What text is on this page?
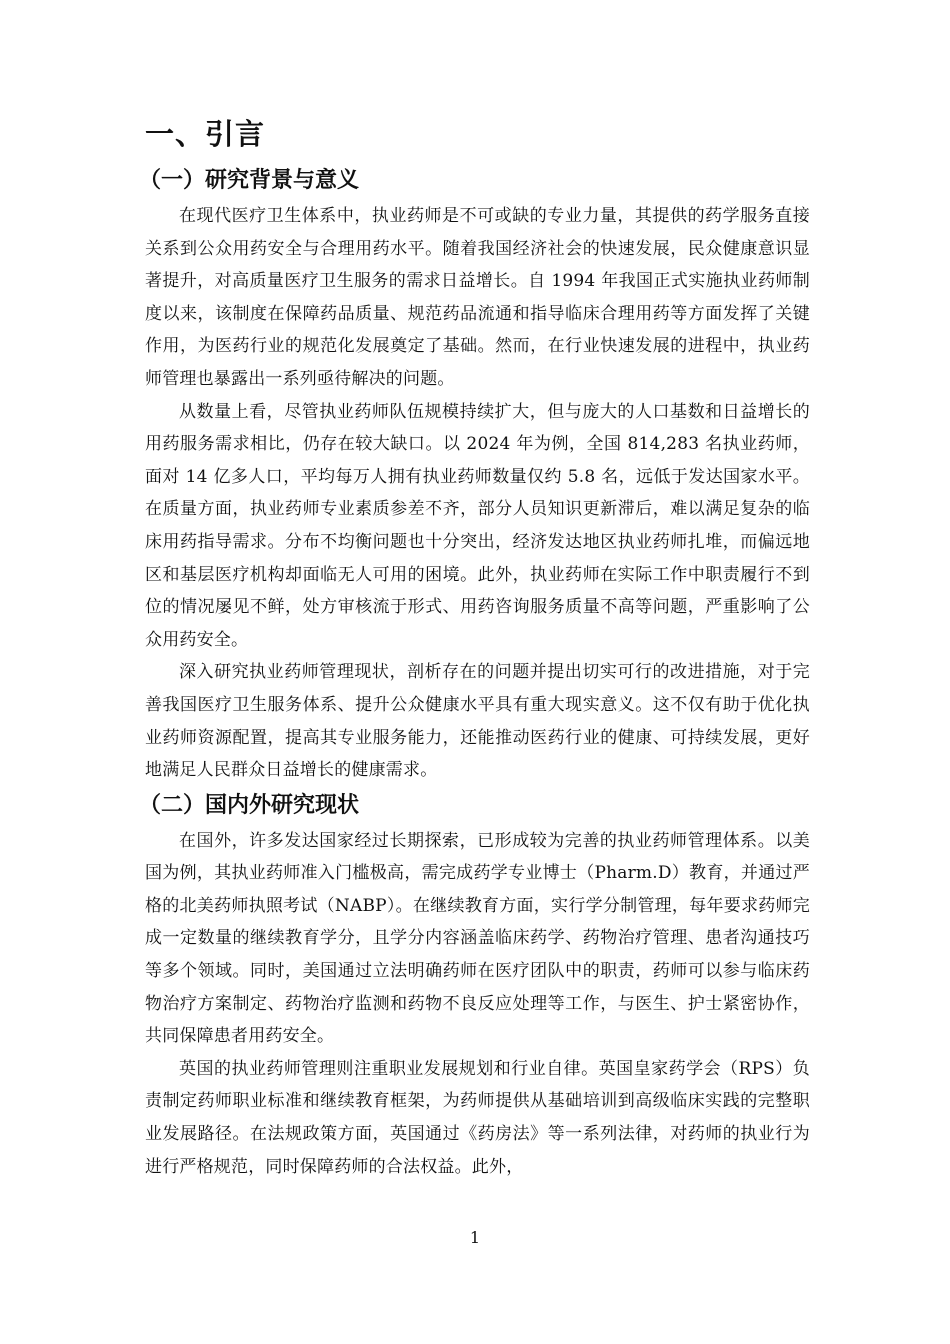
一、引言
（一）研究背景与意义

在现代医疗卫生体系中，执业药师是不可或缺的专业力量，其提供的药学服务直接关系到公众用药安全与合理用药水平。随着我国经济社会的快速发展，民众健康意识显著提升，对高质量医疗卫生服务的需求日益增长。自 1994 年我国正式实施执业药师制度以来，该制度在保障药品质量、规范药品流通和指导临床合理用药等方面发挥了关键作用，为医药行业的规范化发展奠定了基础。然而，在行业快速发展的进程中，执业药师管理也暴露出一系列亟待解决的问题。

从数量上看，尽管执业药师队伍规模持续扩大，但与庞大的人口基数和日益增长的用药服务需求相比，仍存在较大缺口。以 2024 年为例，全国 814,283 名执业药师，面对 14 亿多人口，平均每万人拥有执业药师数量仅约 5.8 名，远低于发达国家水平。在质量方面，执业药师专业素质参差不齐，部分人员知识更新滞后，难以满足复杂的临床用药指导需求。分布不均衡问题也十分突出，经济发达地区执业药师扎堆，而偏远地区和基层医疗机构却面临无人可用的困境。此外，执业药师在实际工作中职责履行不到位的情况屡见不鲜，处方审核流于形式、用药咨询服务质量不高等问题，严重影响了公众用药安全。

深入研究执业药师管理现状，剖析存在的问题并提出切实可行的改进措施，对于完善我国医疗卫生服务体系、提升公众健康水平具有重大现实意义。这不仅有助于优化执业药师资源配置，提高其专业服务能力，还能推动医药行业的健康、可持续发展，更好地满足人民群众日益增长的健康需求。

（二）国内外研究现状

在国外，许多发达国家经过长期探索，已形成较为完善的执业药师管理体系。以美国为例，其执业药师准入门槛极高，需完成药学专业博士（Pharm.D）教育，并通过严格的北美药师执照考试（NABP）。在继续教育方面，实行学分制管理，每年要求药师完成一定数量的继续教育学分，且学分内容涵盖临床药学、药物治疗管理、患者沟通技巧等多个领域。同时，美国通过立法明确药师在医疗团队中的职责，药师可以参与临床药物治疗方案制定、药物治疗监测和药物不良反应处理等工作，与医生、护士紧密协作，共同保障患者用药安全。

英国的执业药师管理则注重职业发展规划和行业自律。英国皇家药学会（RPS）负责制定药师职业标准和继续教育框架，为药师提供从基础培训到高级临床实践的完整职业发展路径。在法规政策方面，英国通过《药房法》等一系列法律，对药师的执业行为进行严格规范，同时保障药师的合法权益。此外，

1
